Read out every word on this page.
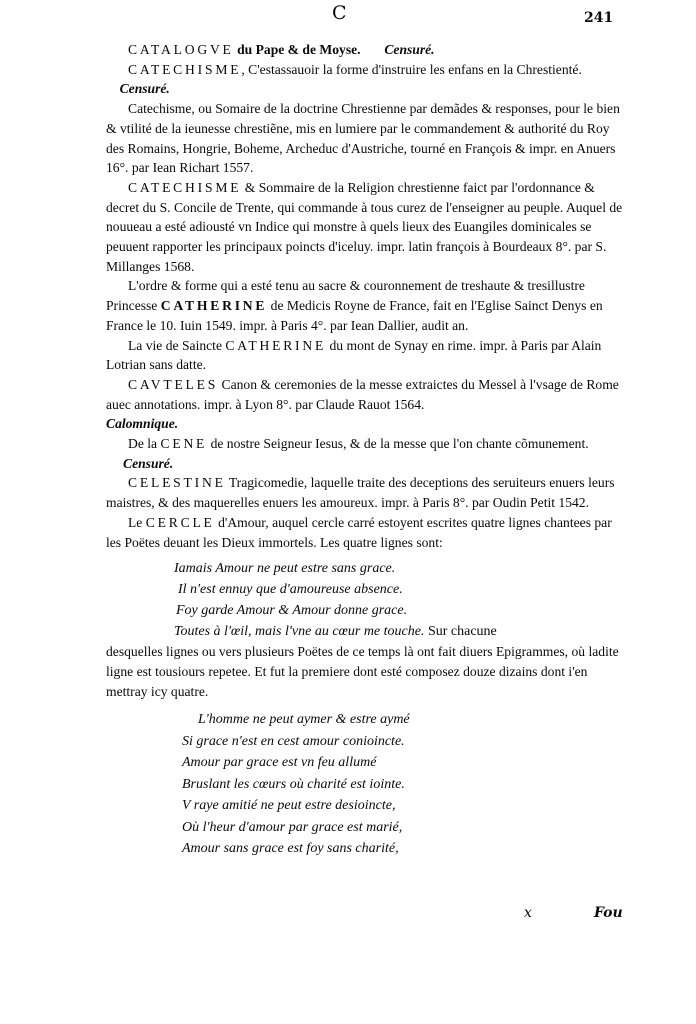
C	241

CATALOGVE du Pape & de Moyse. Censuré.

CATECHISME, C'estassauoir la forme d'instruire les enfans en la Chrestienté.     Censuré.

Catechisme, ou Somaire de la doctrine Chrestienne par demãdes & responses, pour le bien & vtilité de la ieunesse chrestiẽne, mis en lumiere par le commandement & authorité du Roy des Romains, Hongrie, Boheme, Archeduc d'Austriche, tourné en François & impr. en Anuers 16°. par Iean Richart 1557.

CATECHISME & Sommaire de la Religion chrestienne faict par l'ordonnance & decret du S. Concile de Trente, qui commande à tous curez de l'enseigner au peuple. Auquel de nouueau a esté adiousté vn Indice qui monstre à quels lieux des Euangiles dominicales se peuuent rapporter les principaux poincts d'iceluy. impr. latin françois à Bourdeaux 8°. par S. Millanges 1568.

L'ordre & forme qui a esté tenu au sacre & couronnement de treshaute & tresillustre Princesse CATHERINE de Medicis Royne de France, fait en l'Eglise Sainct Denys en France le 10. Iuin 1549. impr. à Paris 4°. par Iean Dallier, audit an.

La vie de Saincte CATHERINE du mont de Synay en rime. impr. à Paris par Alain Lotrian sans datte.

CAVTELES Canon & ceremonies de la messe extraictes du Messel à l'vsage de Rome auec annotations. impr. à Lyon 8°. par Claude Rauot 1564.
Calomnique.

De la CENE de nostre Seigneur Iesus, & de la messe que l'on chante cõmunement.      Censuré.

CELESTINE Tragicomedie, laquelle traite des deceptions des seruiteurs enuers leurs maistres, & des maquerelles enuers les amoureux. impr. à Paris 8°. par Oudin Petit 1542.

Le CERCLE d'Amour, auquel cercle carré estoyent escrites quatre lignes chantees par les Poëtes deuant les Dieux immortels. Les quatre lignes sont:

Iamais Amour ne peut estre sans grace.
Il n'est ennuy que d'amoureuse absence.
Foy garde Amour & Amour donne grace.
Toutes à l'œil, mais l'vne au cœur me touche. Sur chacune

desquelles lignes ou vers plusieurs Poëtes de ce temps là ont fait diuers Epigrammes, où ladite ligne est tousiours repetee. Et fut la premiere dont esté composez douze dizains dont i'en mettray icy quatre.

L'homme ne peut aymer & estre aymé
Si grace n'est en cest amour conioincte.
Amour par grace est vn feu allumé
Bruslant les cœurs où charité est iointe.
V raye amitié ne peut estre desioincte,
Où l'heur d'amour par grace est marié,
Amour sans grace est foy sans charité,
x	Fou
